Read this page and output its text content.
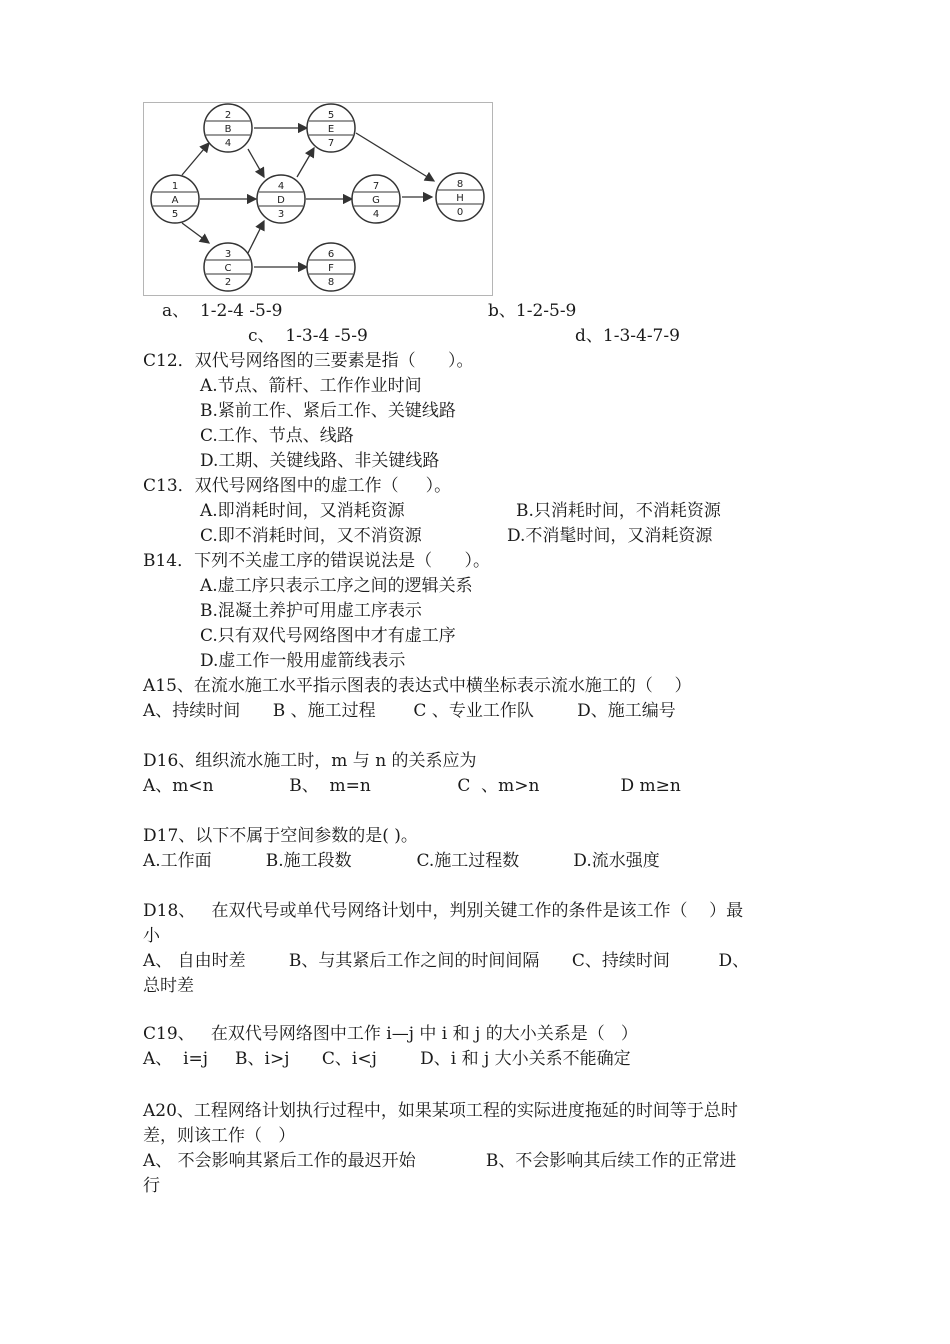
1
A
5
2
B
4
3
C
2
4
D
3
5
E
7
6
F
8
7
G
4
8
H
0
a、  1-2-4 -5-9	b、1-2-5-9
c、  1-3-4 -5-9	d、1-3-4-7-9
C12．双代号网络图的三要素是指（      ）。
A.节点、箭杆、工作作业时间
B.紧前工作、紧后工作、关键线路
C.工作、节点、线路
D.工期、关键线路、非关键线路
C13．双代号网络图中的虚工作（     ）。
A.即消耗时间，又消耗资源	B.只消耗时间，不消耗资源
C.即不消耗时间，又不消资源	D.不消髦时间，又消耗资源
B14．下列不关虚工序的错误说法是（      ）。
A.虚工序只表示工序之间的逻辑关系
B.混凝土养护可用虚工序表示
C.只有双代号网络图中才有虚工序
D.虚工作一般用虚箭线表示
A15、在流水施工水平指示图表的表达式中横坐标表示流水施工的（    ）
A、持续时间      B 、施工过程       C 、专业工作队        D、施工编号
D16、组织流水施工时，m 与 n 的关系应为
A、m<n              B、  m=n                C  、m>n               D m≥n
D17、以下不属于空间参数的是( )。
A.工作面          B.施工段数            C.施工过程数          D.流水强度
D18、   在双代号或单代号网络计划中，判别关键工作的条件是该工作（    ）最
小
A、 自由时差        B、与其紧后工作之间的时间间隔      C、持续时间         D、
总时差
C19、   在双代号网络图中工作 i—j 中 i 和 j 的大小关系是（   ）
A、  i=j     B、i>j      C、i<j        D、i 和 j 大小关系不能确定
A20、工程网络计划执行过程中，如果某项工程的实际进度拖延的时间等于总时
差，则该工作（   ）
A、 不会影响其紧后工作的最迟开始             B、不会影响其后续工作的正常进
行
